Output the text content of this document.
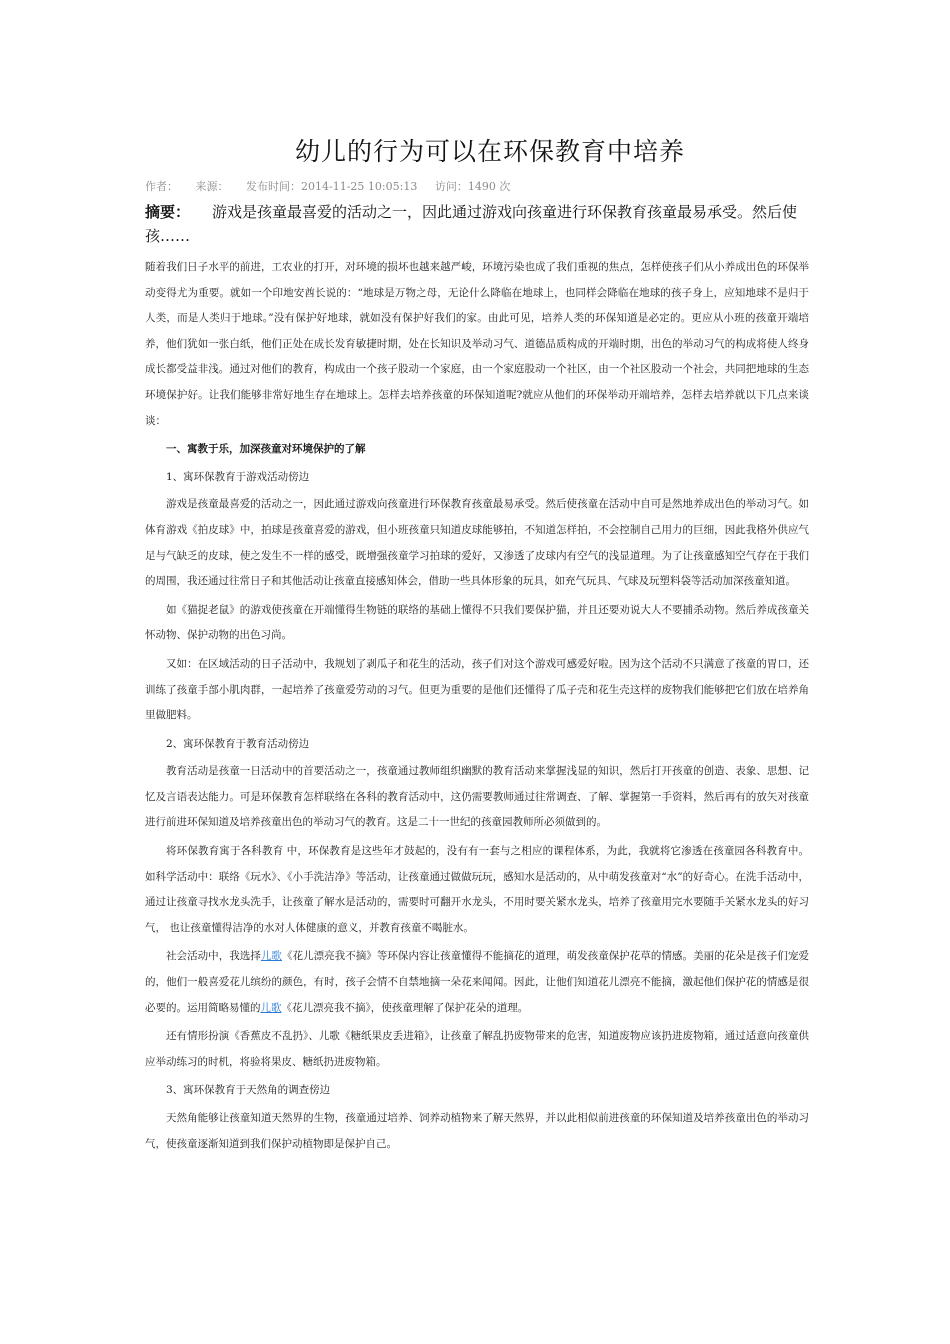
幼儿的行为可以在环保教育中培养
作者： 来源： 发布时间：2014-11-25 10:05:13 访问：1490 次
摘要： 游戏是孩童最喜爱的活动之一，因此通过游戏向孩童进行环保教育孩童最易承受。然后使孩……

随着我们日子水平的前进，工农业的打开，对环境的损坏也越来越严峻，环境污染也成了我们重视的焦点，怎样使孩子们从小养成出色的环保举动变得尤为重要。就如一个印地安酋长说的：“地球是万物之母，无论什么降临在地球上，也同样会降临在地球的孩子身上，应知地球不是归于人类，而是人类归于地球。”没有保护好地球，就如没有保护好我们的家。由此可见，培养人类的环保知道是必定的。更应从小班的孩童开端培养，他们犹如一张白纸，他们正处在成长发育敏捷时期，处在长知识及举动习气、道德品质构成的开端时期，出色的举动习气的构成将使人终身成长都受益非浅。通过对他们的教育，构成由一个孩子股动一个家庭，由一个家庭股动一个社区，由一个社区股动一个社会，共同把地球的生态环境保护好。让我们能够非常好地生存在地球上。怎样去培养孩童的环保知道呢?就应从他们的环保举动开端培养，怎样去培养就以下几点来谈谈：

一、寓教于乐，加深孩童对环境保护的了解

1、寓环保教育于游戏活动傍边

游戏是孩童最喜爱的活动之一，因此通过游戏向孩童进行环保教育孩童最易承受。然后使孩童在活动中自可是然地养成出色的举动习气。如体育游戏《拍皮球》中，拍球是孩童喜爱的游戏，但小班孩童只知道皮球能够拍，不知道怎样拍，不会控制自己用力的巨细，因此我格外供应气足与气缺乏的皮球，使之发生不一样的感受，既增强孩童学习拍球的爱好，又渗透了皮球内有空气的浅显道理。为了让孩童感知空气存在于我们的周围，我还通过往常日子和其他活动让孩童直接感知体会，借助一些具体形象的玩具，如充气玩具、气球及玩塑料袋等活动加深孩童知道。

如《猫捉老鼠》的游戏使孩童在开端懂得生物链的联络的基础上懂得不只我们要保护猫，并且还要劝说大人不要捕杀动物。然后养成孩童关怀动物、保护动物的出色习尚。

又如：在区域活动的日子活动中，我规划了剥瓜子和花生的活动，孩子们对这个游戏可感爱好啦。因为这个活动不只满意了孩童的胃口，还训练了孩童手部小肌肉群，一起培养了孩童爱劳动的习气。但更为重要的是他们还懂得了瓜子壳和花生壳这样的废物我们能够把它们放在培养角里做肥料。

2、寓环保教育于教育活动傍边

教育活动是孩童一日活动中的首要活动之一，孩童通过教师组织幽默的教育活动来掌握浅显的知识，然后打开孩童的创造、表象、思想、记忆及言语表达能力。可是环保教育怎样联络在各科的教育活动中，这仍需要教师通过往常调查、了解、掌握第一手资料，然后再有的放矢对孩童进行前进环保知道及培养孩童出色的举动习气的教育。这是二十一世纪的孩童园教师所必须做到的。

将环保教育寓于各科教育 中，环保教育是这些年才鼓起的，没有有一套与之相应的课程体系，为此，我就将它渗透在孩童园各科教育中。如科学活动中：联络《玩水》、《小手洗洁净》等活动，让孩童通过做做玩玩，感知水是活动的，从中萌发孩童对“水”的好奇心。在洗手活动中，通过让孩童寻找水龙头洗手，让孩童了解水是活动的，需要时可翻开水龙头，不用时要关紧水龙头，培养了孩童用完水要随手关紧水龙头的好习气， 也让孩童懂得洁净的水对人体健康的意义，并教育孩童不喝脏水。

社会活动中，我选择儿歌《花儿漂亮我不摘》等环保内容让孩童懂得不能摘花的道理，萌发孩童保护花草的情感。美丽的花朵是孩子们宠爱的，他们一般喜爱花儿缤纷的颜色，有时，孩子会情不自禁地摘一朵花来闻闻。因此，让他们知道花儿漂亮不能摘，激起他们保护花的情感是很必要的。运用简略易懂的儿歌《花儿漂亮我不摘》，使孩童理解了保护花朵的道理。

还有情形扮演《香蕉皮不乱扔》、儿歌《糖纸果皮丢进箱》，让孩童了解乱扔废物带来的危害，知道废物应该扔进废物箱，通过适意向孩童供应举动练习的时机，将验将果皮、糖纸扔进废物箱。

3、寓环保教育于天然角的调查傍边

天然角能够让孩童知道天然界的生物，孩童通过培养、饲养动植物来了解天然界，并以此相似前进孩童的环保知道及培养孩童出色的举动习气，使孩童逐渐知道到我们保护动植物即是保护自己。
